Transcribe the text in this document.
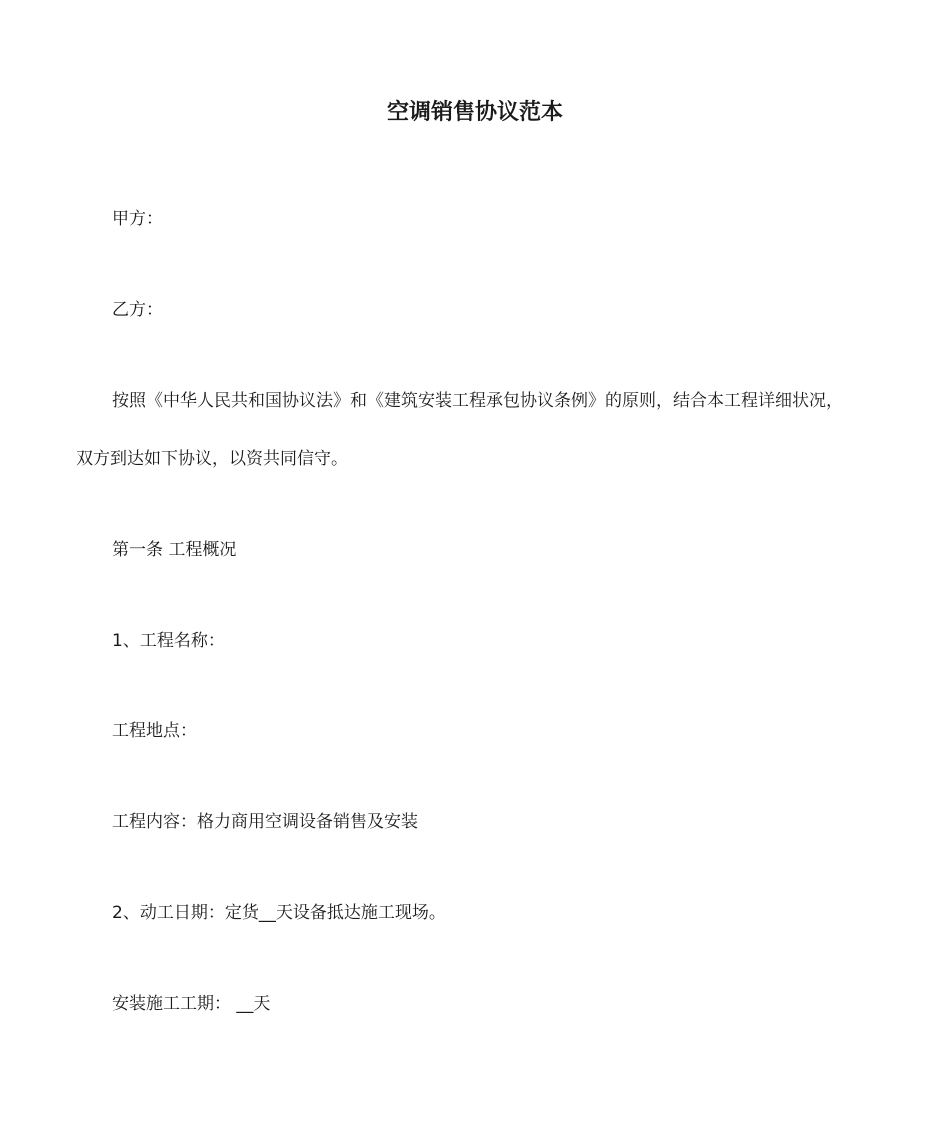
空调销售协议范本

甲方：

乙方：

按照《中华人民共和国协议法》和《建筑安装工程承包协议条例》的原则，结合本工程详细状况，
双方到达如下协议，以资共同信守。

第一条 工程概况

1、工程名称：

工程地点：

工程内容：格力商用空调设备销售及安装

2、动工日期：定货__天设备抵达施工现场。

安装施工工期： __天
